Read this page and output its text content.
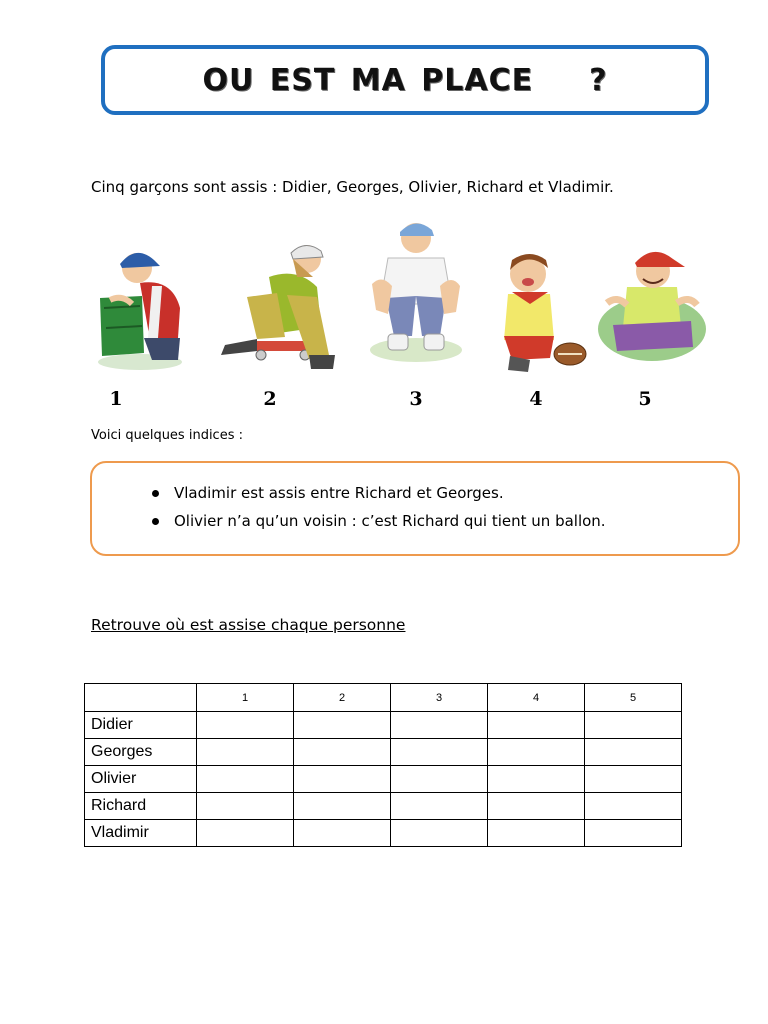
OU EST MA PLACE ?
Cinq garçons sont assis : Didier, Georges, Olivier, Richard et Vladimir.
1	2	3	4	5
Voici quelques indices :
Vladimir est assis entre Richard et Georges.
Olivier n’a qu’un voisin : c’est Richard qui tient un ballon.
Retrouve où est assise chaque personne
	1	2	3	4	5
Didier					
Georges					
Olivier					
Richard					
Vladimir					
